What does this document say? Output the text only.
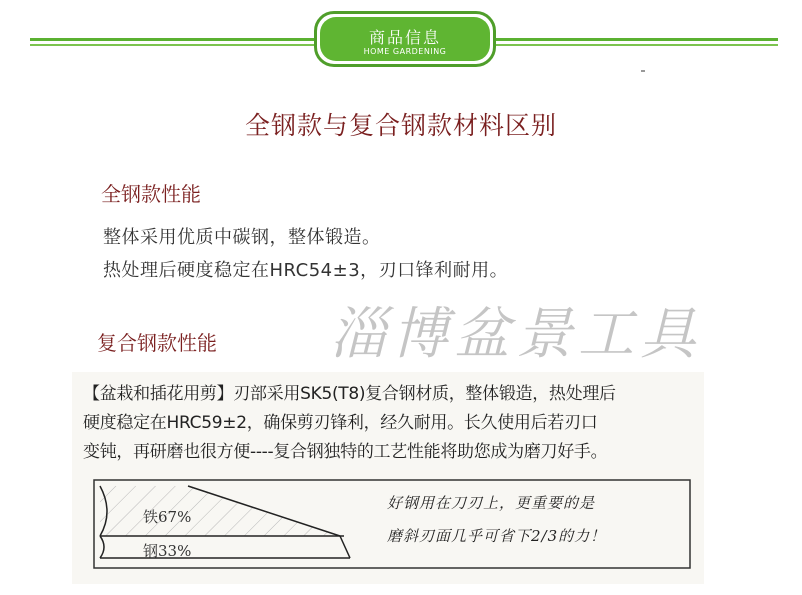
商品信息
HOME GARDENING
全钢款与复合钢款材料区别
全钢款性能
整体采用优质中碳钢，整体锻造。
热处理后硬度稳定在HRC54±3，刃口锋利耐用。
淄博盆景工具
复合钢款性能
【盆栽和插花用剪】刃部采用SK5(T8)复合钢材质，整体锻造，热处理后
硬度稳定在HRC59±2，确保剪刃锋利，经久耐用。长久使用后若刃口
变钝，再研磨也很方便----复合钢独特的工艺性能将助您成为磨刀好手。
铁67%
钢33%
好钢用在刀刃上，更重要的是
磨斜刃面几乎可省下2/3的力！
